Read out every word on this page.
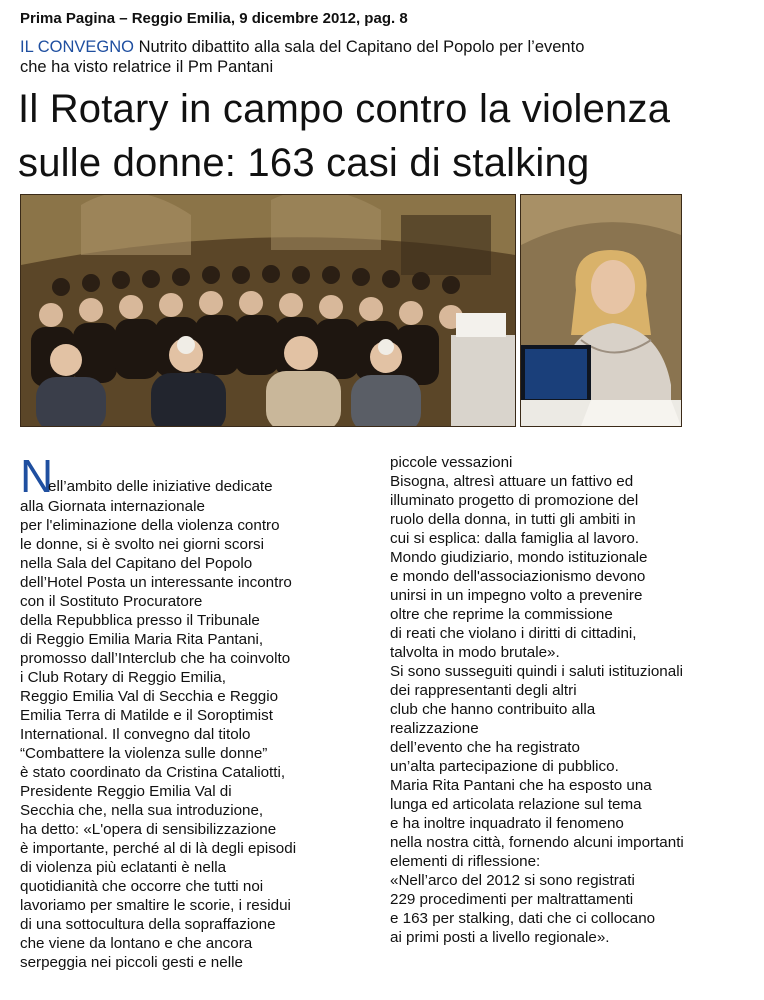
Prima Pagina – Reggio Emilia, 9 dicembre 2012, pag. 8
IL CONVEGNO Nutrito dibattito alla sala del Capitano del Popolo per l’evento
che ha visto relatrice il Pm Pantani
Il Rotary in campo contro la violenza
sulle donne: 163 casi di stalking
N
ell’ambito delle iniziative dedicate
alla Giornata internazionale
per l'eliminazione della violenza contro
le donne, si è svolto nei giorni scorsi
nella Sala del Capitano del Popolo
dell’Hotel Posta un interessante incontro
con il Sostituto Procuratore
della Repubblica presso il Tribunale
di Reggio Emilia Maria Rita Pantani,
promosso dall’Interclub che ha coinvolto
i Club Rotary di Reggio Emilia,
Reggio Emilia Val di Secchia e Reggio
Emilia Terra di Matilde e il Soroptimist
International. Il convegno dal titolo
“Combattere la violenza sulle donne”
è stato coordinato da Cristina Cataliotti,
Presidente Reggio Emilia Val di
Secchia che, nella sua introduzione,
ha detto: «L'opera di sensibilizzazione
è importante, perché al di là degli episodi
di violenza più eclatanti è nella
quotidianità che occorre che tutti noi
lavoriamo per smaltire le scorie, i residui
di una sottocultura della sopraffazione
che viene da lontano e che ancora
serpeggia nei piccoli gesti e nelle
piccole vessazioni
Bisogna, altresì attuare un fattivo ed
illuminato progetto di promozione del
ruolo della donna, in tutti gli ambiti in
cui si esplica: dalla famiglia al lavoro.
Mondo giudiziario, mondo istituzionale
e mondo dell'associazionismo devono
unirsi in un impegno volto a prevenire
oltre che reprime la commissione
di reati che violano i diritti di cittadini,
talvolta in modo brutale».
Si sono susseguiti quindi i saluti istituzionali
dei rappresentanti degli altri
club che hanno contribuito alla
realizzazione
dell’evento che ha registrato
un’alta partecipazione di pubblico.
Maria Rita Pantani che ha esposto una
lunga ed articolata relazione sul tema
e ha inoltre inquadrato il fenomeno
nella nostra città, fornendo alcuni importanti
elementi di riflessione:
«Nell’arco del 2012 si sono registrati
229 procedimenti per maltrattamenti
e 163 per stalking, dati che ci collocano
ai primi posti a livello regionale».
